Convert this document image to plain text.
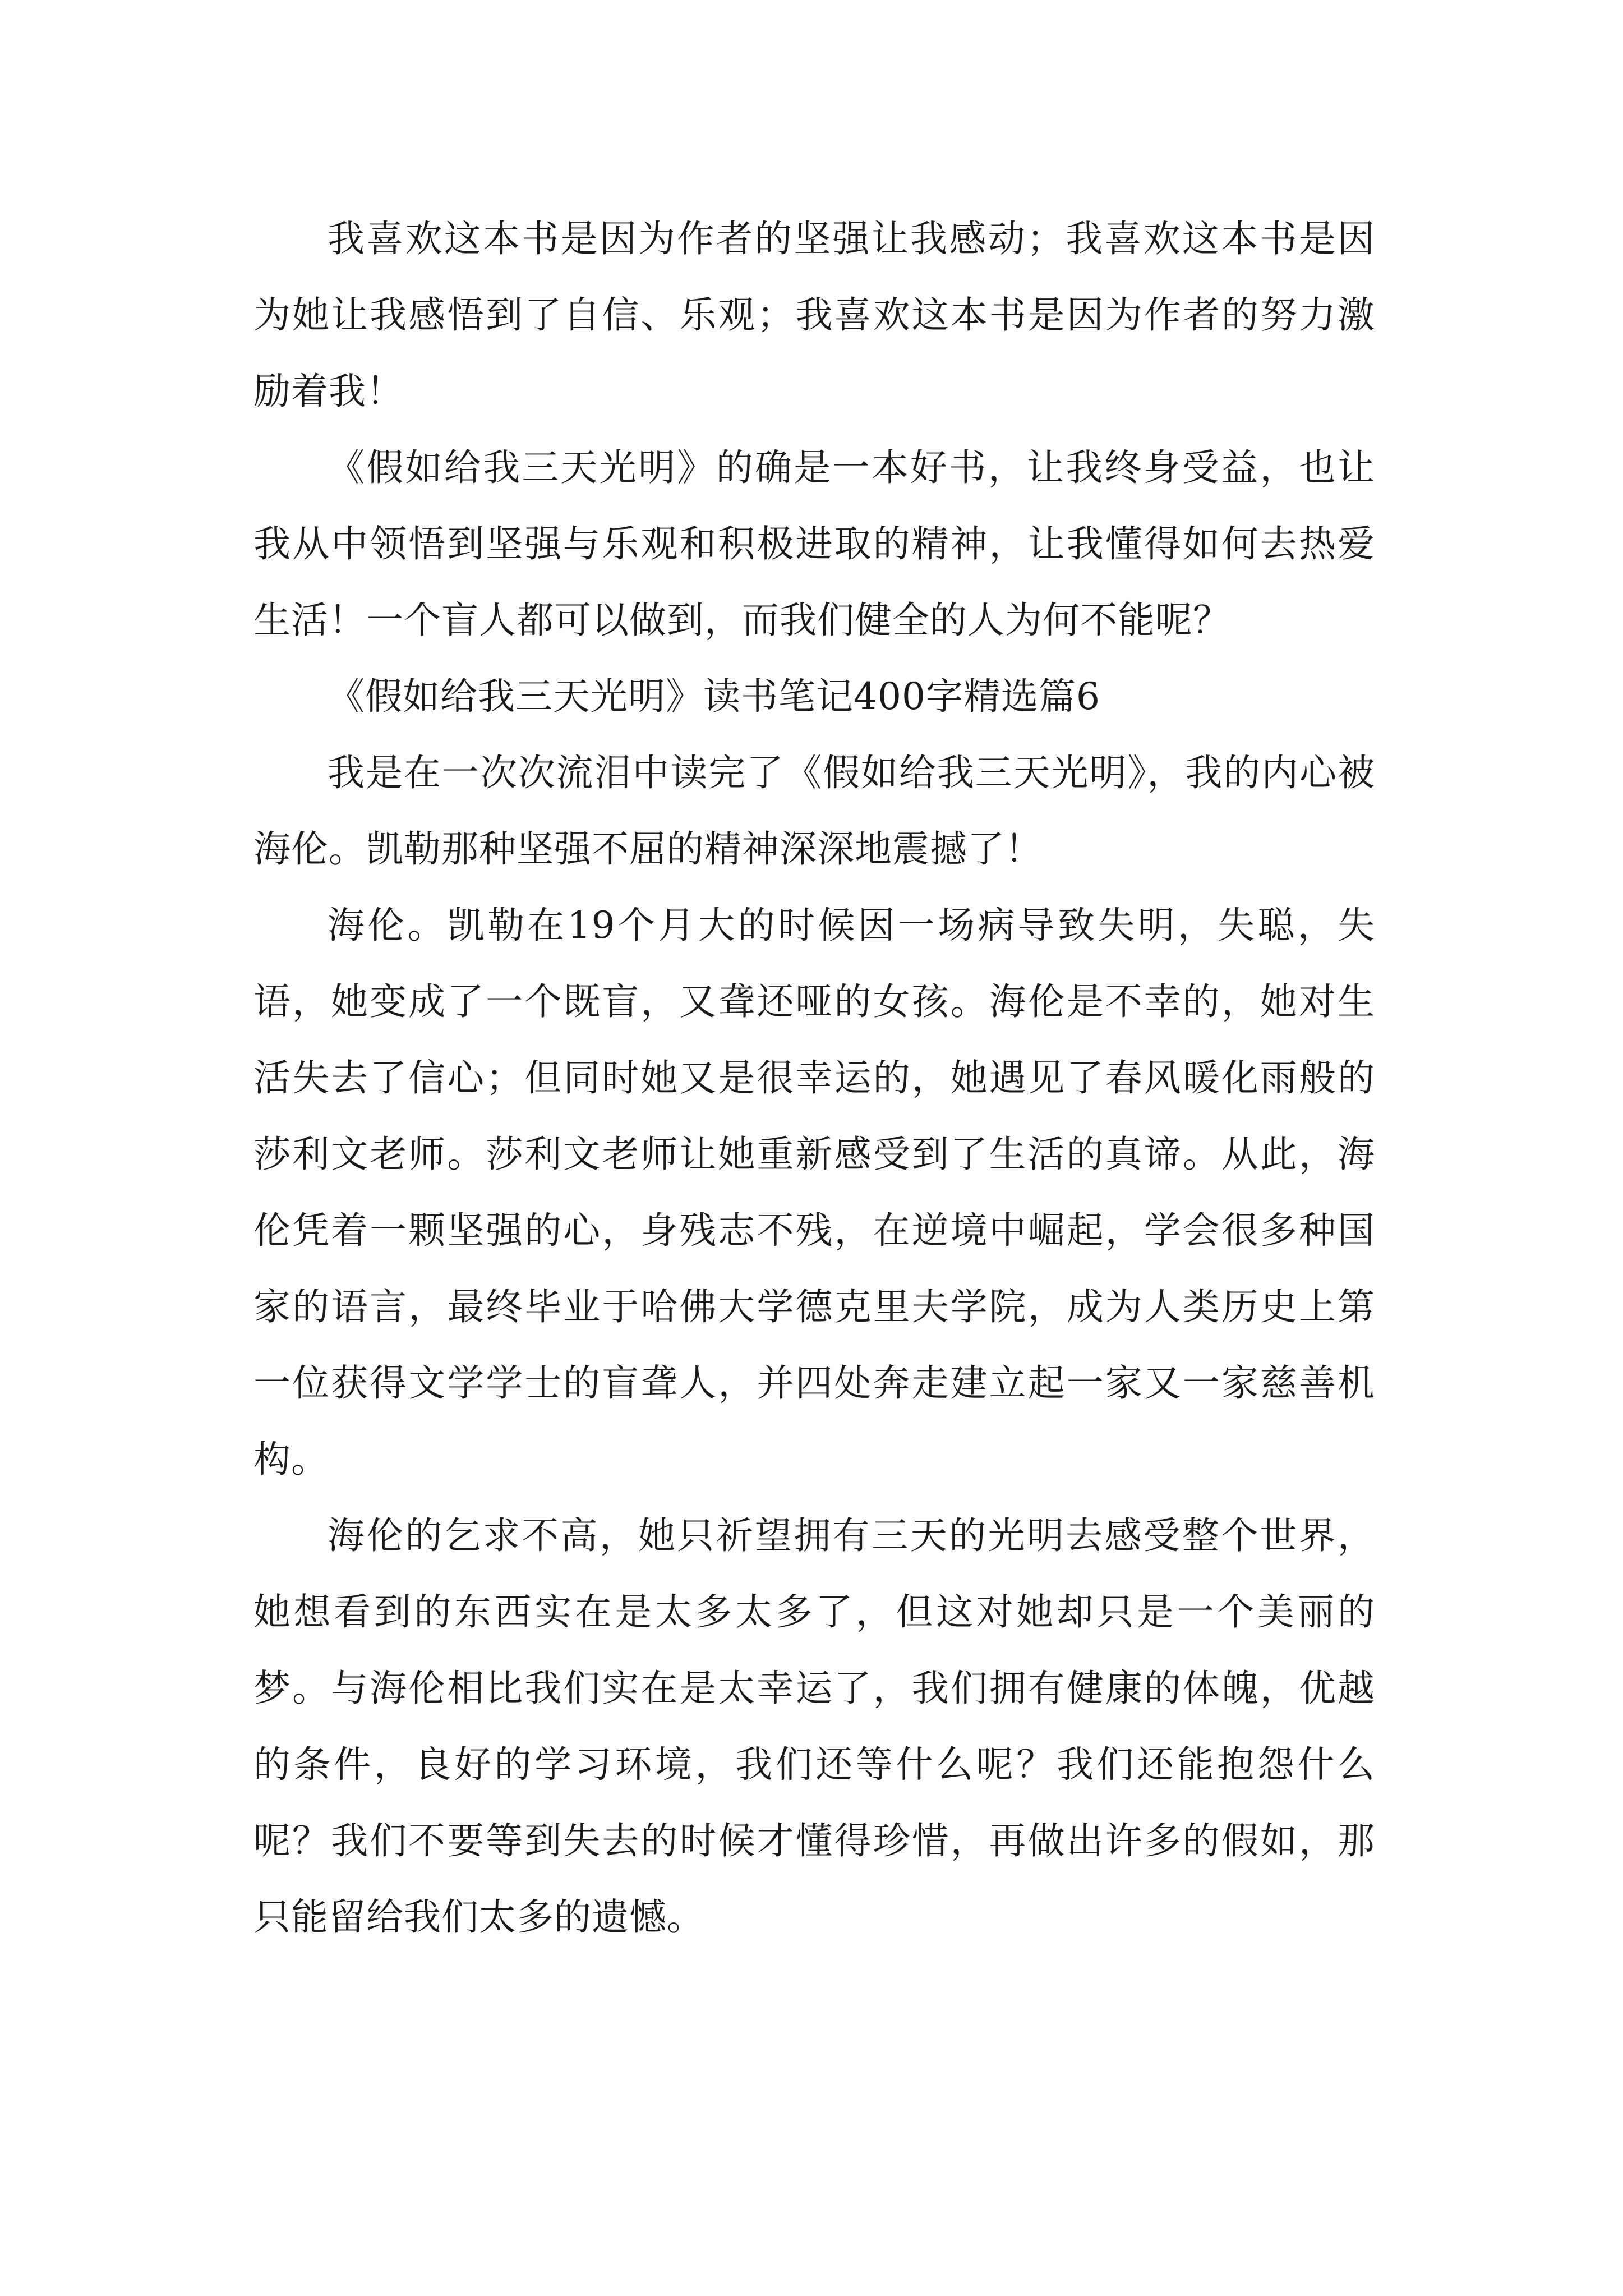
我喜欢这本书是因为作者的坚强让我感动；我喜欢这本书是因为她让我感悟到了自信、乐观；我喜欢这本书是因为作者的努力激励着我！

《假如给我三天光明》的确是一本好书，让我终身受益，也让我从中领悟到坚强与乐观和积极进取的精神，让我懂得如何去热爱生活！一个盲人都可以做到，而我们健全的人为何不能呢？

《假如给我三天光明》读书笔记400字精选篇6

我是在一次次流泪中读完了《假如给我三天光明》，我的内心被海伦。凯勒那种坚强不屈的精神深深地震撼了！

海伦。凯勒在19个月大的时候因一场病导致失明，失聪，失语，她变成了一个既盲，又聋还哑的女孩。海伦是不幸的，她对生活失去了信心；但同时她又是很幸运的，她遇见了春风暖化雨般的莎利文老师。莎利文老师让她重新感受到了生活的真谛。从此，海伦凭着一颗坚强的心，身残志不残，在逆境中崛起，学会很多种国家的语言，最终毕业于哈佛大学德克里夫学院，成为人类历史上第一位获得文学学士的盲聋人，并四处奔走建立起一家又一家慈善机构。

海伦的乞求不高，她只祈望拥有三天的光明去感受整个世界，她想看到的东西实在是太多太多了，但这对她却只是一个美丽的梦。与海伦相比我们实在是太幸运了，我们拥有健康的体魄，优越的条件，良好的学习环境，我们还等什么呢？我们还能抱怨什么呢？我们不要等到失去的时候才懂得珍惜，再做出许多的假如，那只能留给我们太多的遗憾。
